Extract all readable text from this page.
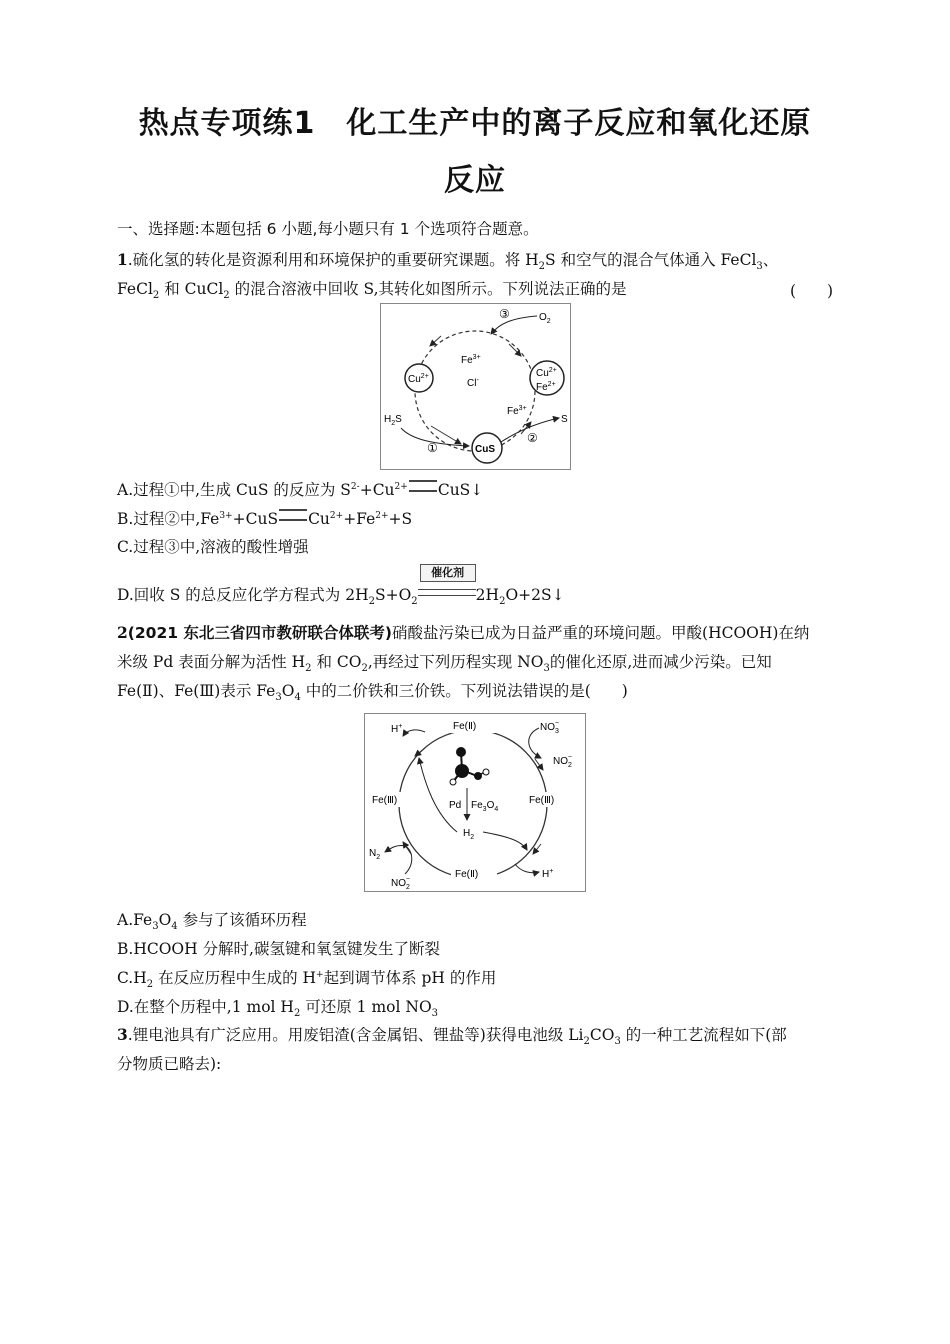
热点专项练1　化工生产中的离子反应和氧化还原
反应
一、选择题:本题包括 6 小题,每小题只有 1 个选项符合题意。
1.硫化氢的转化是资源利用和环境保护的重要研究课题。将 $H_2S$ 和空气的混合气体通入 FeCl$_3$、
FeCl$_2$ 和 CuCl$_2$ 的混合溶液中回收 S,其转化如图所示。下列说法正确的是	(　　)
$Cu^{2+}$	$Cu^{2+}$
$Fe^{2+}$
CuS
$Fe^{3+}$
Cl-
$Fe^{3+}$
③	$O_2$
$H_2S$
①
②
S
A.过程①中,生成 CuS 的反应为 $S^{2-}+Cu^{2+}$ CuS↓
B.过程②中$,Fe^{3+}+CuS$ $Cu^{2+}+Fe^{2+}+S$
C.过程③中,溶液的酸性增强
D.回收 S 的总反应化学方程式为 $2H_2S+O_2$
催化剂
$2H_2O+2S↓$
2(2021 东北三省四市教研联合体联考)硝酸盐污染已成为日益严重的环境问题。甲酸(HCOOH)在纳
米级 Pd 表面分解为活性 $H_2$ 和 $CO_2$,再经过下列历程实现 $NO_3$的催化还原,进而减少污染。已知
Fe(Ⅱ)、Fe(Ⅲ)表示 $Fe_3O_4$ 中的二价铁和三价铁。下列说法错误的是(　　)
Pd $Fe_3O_4$
$H_2$
H+	Fe(Ⅱ)	$NO_3-$
$NO_2-$
Fe(Ⅲ)	Fe(Ⅲ)
$N_2$
$NO_2-$	Fe(Ⅱ)	H+
$A.Fe_3O_4$ 参与了该循环历程
B.HCOOH 分解时,碳氢键和氧氢键发生了断裂
$C.H_2$ 在反应历程中生成的 H+起到调节体系 pH 的作用
D.在整个历程中,1 mol $H_2$ 可还原 1 mol $NO_3$
3.锂电池具有广泛应用。用废铝渣(含金属铝、锂盐等)获得电池级 $Li_2CO_3$ 的一种工艺流程如下(部
分物质已略去):
